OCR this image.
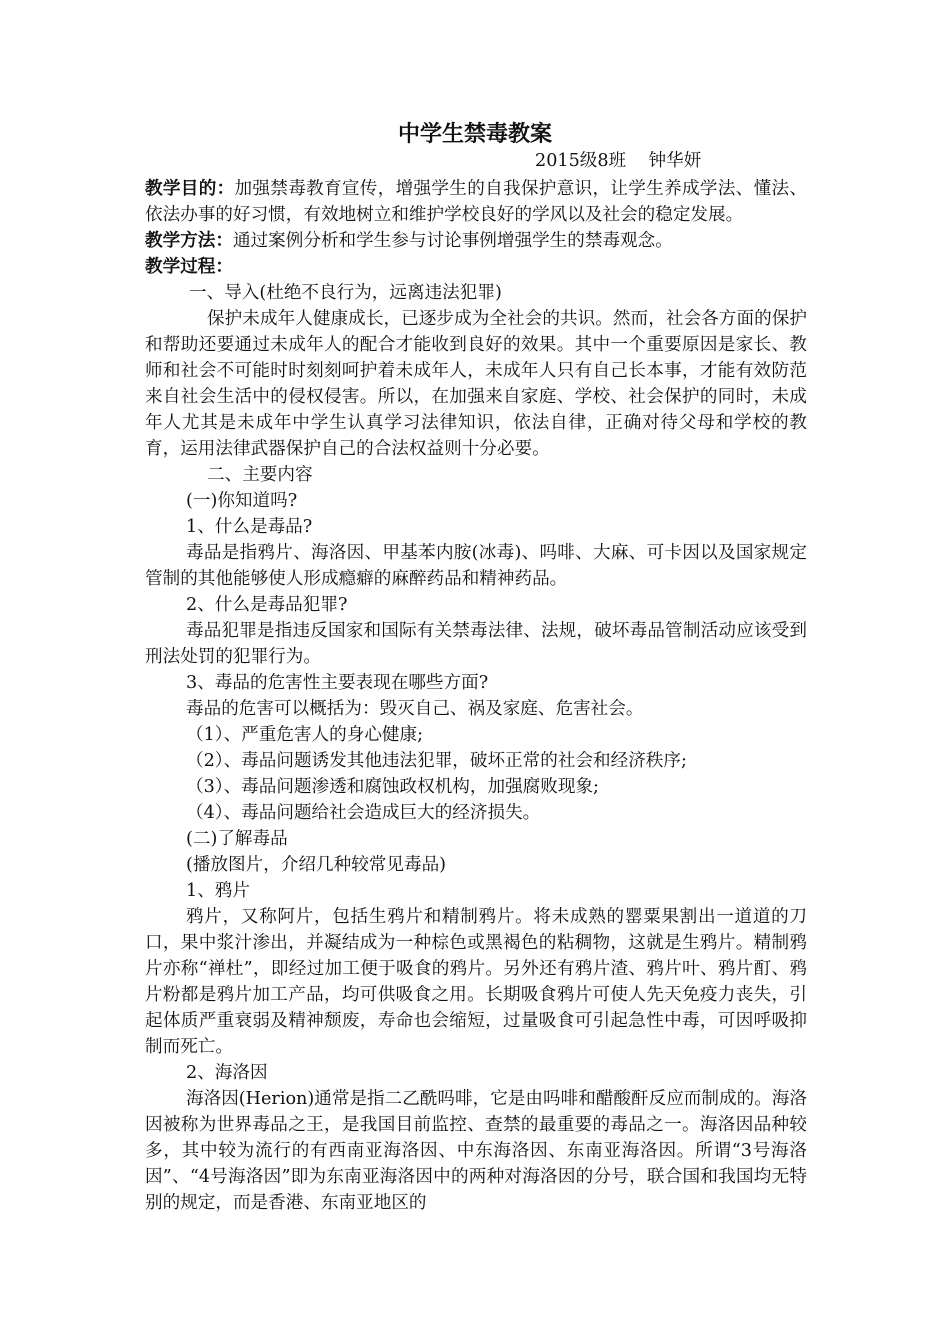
中学生禁毒教案
2015级8班    钟华妍

教学目的：加强禁毒教育宣传，增强学生的自我保护意识，让学生养成学法、懂法、依法办事的好习惯，有效地树立和维护学校良好的学风以及社会的稳定发展。

教学方法：通过案例分析和学生参与讨论事例增强学生的禁毒观念。

教学过程：

一、导入(杜绝不良行为，远离违法犯罪)

保护未成年人健康成长，已逐步成为全社会的共识。然而，社会各方面的保护和帮助还要通过未成年人的配合才能收到良好的效果。其中一个重要原因是家长、教师和社会不可能时时刻刻呵护着未成年人，未成年人只有自己长本事，才能有效防范来自社会生活中的侵权侵害。所以，在加强来自家庭、学校、社会保护的同时，未成年人尤其是未成年中学生认真学习法律知识，依法自律，正确对待父母和学校的教育，运用法律武器保护自己的合法权益则十分必要。

二、主要内容

(一)你知道吗?

1、什么是毒品?

毒品是指鸦片、海洛因、甲基苯内胺(冰毒)、吗啡、大麻、可卡因以及国家规定管制的其他能够使人形成瘾癖的麻醉药品和精神药品。

2、什么是毒品犯罪?

毒品犯罪是指违反国家和国际有关禁毒法律、法规，破坏毒品管制活动应该受到刑法处罚的犯罪行为。

3、毒品的危害性主要表现在哪些方面?

毒品的危害可以概括为：毁灭自己、祸及家庭、危害社会。

（1）、严重危害人的身心健康;

（2）、毒品问题诱发其他违法犯罪，破坏正常的社会和经济秩序;

（3）、毒品问题渗透和腐蚀政权机构，加强腐败现象;

（4）、毒品问题给社会造成巨大的经济损失。

(二)了解毒品

(播放图片，介绍几种较常见毒品)

1、鸦片

鸦片，又称阿片，包括生鸦片和精制鸦片。将未成熟的罂粟果割出一道道的刀口，果中浆汁渗出，并凝结成为一种棕色或黑褐色的粘稠物，这就是生鸦片。精制鸦片亦称“禅杜”，即经过加工便于吸食的鸦片。另外还有鸦片渣、鸦片叶、鸦片酊、鸦片粉都是鸦片加工产品，均可供吸食之用。长期吸食鸦片可使人先天免疫力丧失，引起体质严重衰弱及精神颓废，寿命也会缩短，过量吸食可引起急性中毒，可因呼吸抑制而死亡。

2、海洛因

海洛因(Herion)通常是指二乙酰吗啡，它是由吗啡和醋酸酐反应而制成的。海洛因被称为世界毒品之王，是我国目前监控、查禁的最重要的毒品之一。海洛因品种较多，其中较为流行的有西南亚海洛因、中东海洛因、东南亚海洛因。所谓“3号海洛因”、“4号海洛因”即为东南亚海洛因中的两种对海洛因的分号，联合国和我国均无特别的规定，而是香港、东南亚地区的
